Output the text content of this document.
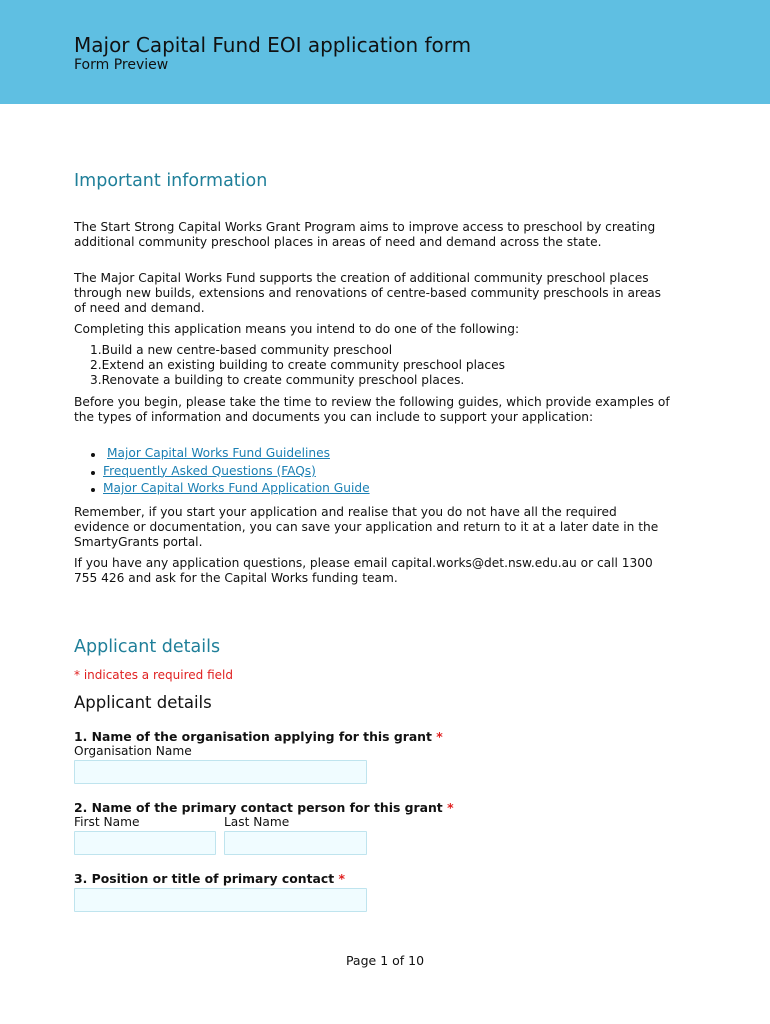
Major Capital Fund EOI application form
Form Preview
Important information

The Start Strong Capital Works Grant Program aims to improve access to preschool by creating additional community preschool places in areas of need and demand across the state.

The Major Capital Works Fund supports the creation of additional community preschool places through new builds, extensions and renovations of centre-based community preschools in areas of need and demand.

Completing this application means you intend to do one of the following:

1.Build a new centre-based community preschool
2.Extend an existing building to create community preschool places
3.Renovate a building to create community preschool places.

Before you begin, please take the time to review the following guides, which provide examples of the types of information and documents you can include to support your application:

Major Capital Works Fund Guidelines
Frequently Asked Questions (FAQs)
Major Capital Works Fund Application Guide

Remember, if you start your application and realise that you do not have all the required evidence or documentation, you can save your application and return to it at a later date in the SmartyGrants portal.

If you have any application questions, please email capital.works@det.nsw.edu.au or call 1300 755 426 and ask for the Capital Works funding team.

Applicant details
* indicates a required field
Applicant details
1. Name of the organisation applying for this grant *
Organisation Name
2. Name of the primary contact person for this grant *
First Name	Last Name
3. Position or title of primary contact *
Page 1 of 10
